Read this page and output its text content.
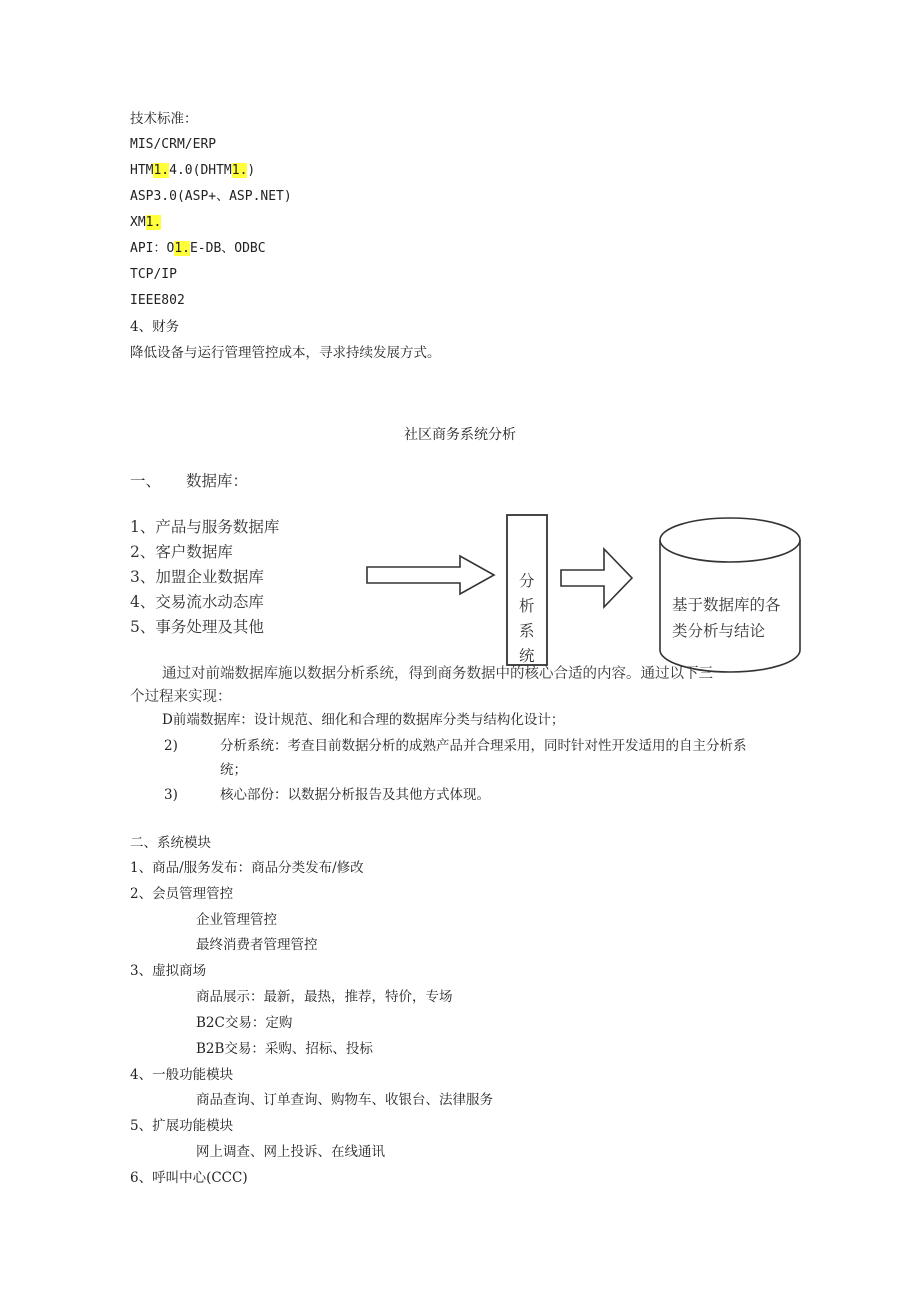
技术标准：
MIS/CRM/ERP
HTM1.4.0(DHTM1.)
ASP3.0(ASP+、ASP.NET)
XM1.
API：O1.E-DB、ODBC
TCP/IP
IEEE802
4、财务
降低设备与运行管理管控成本，寻求持续发展方式。
社区商务系统分析
一、 数据库：
1、产品与服务数据库
2、客户数据库
3、加盟企业数据库
4、交易流水动态库
5、事务处理及其他
分
析
系
统
基于数据库的各
类分析与结论
通过对前端数据库施以数据分析系统，得到商务数据中的核心合适的内容。通过以下三
个过程来实现：
D前端数据库：设计规范、细化和合理的数据库分类与结构化设计；
2)	分析系统：考查目前数据分析的成熟产品并合理采用，同时针对性开发适用的自主分析系
统；
3)	核心部份：以数据分析报告及其他方式体现。
二、系统模块
1、商品/服务发布：商品分类发布/修改
2、会员管理管控
企业管理管控
最终消费者管理管控
3、虚拟商场
商品展示：最新，最热，推荐，特价，专场
B2C交易：定购
B2B交易：采购、招标、投标
4、一般功能模块
商品查询、订单查询、购物车、收银台、法律服务
5、扩展功能模块
网上调查、网上投诉、在线通讯
6、呼叫中心(CCC)
